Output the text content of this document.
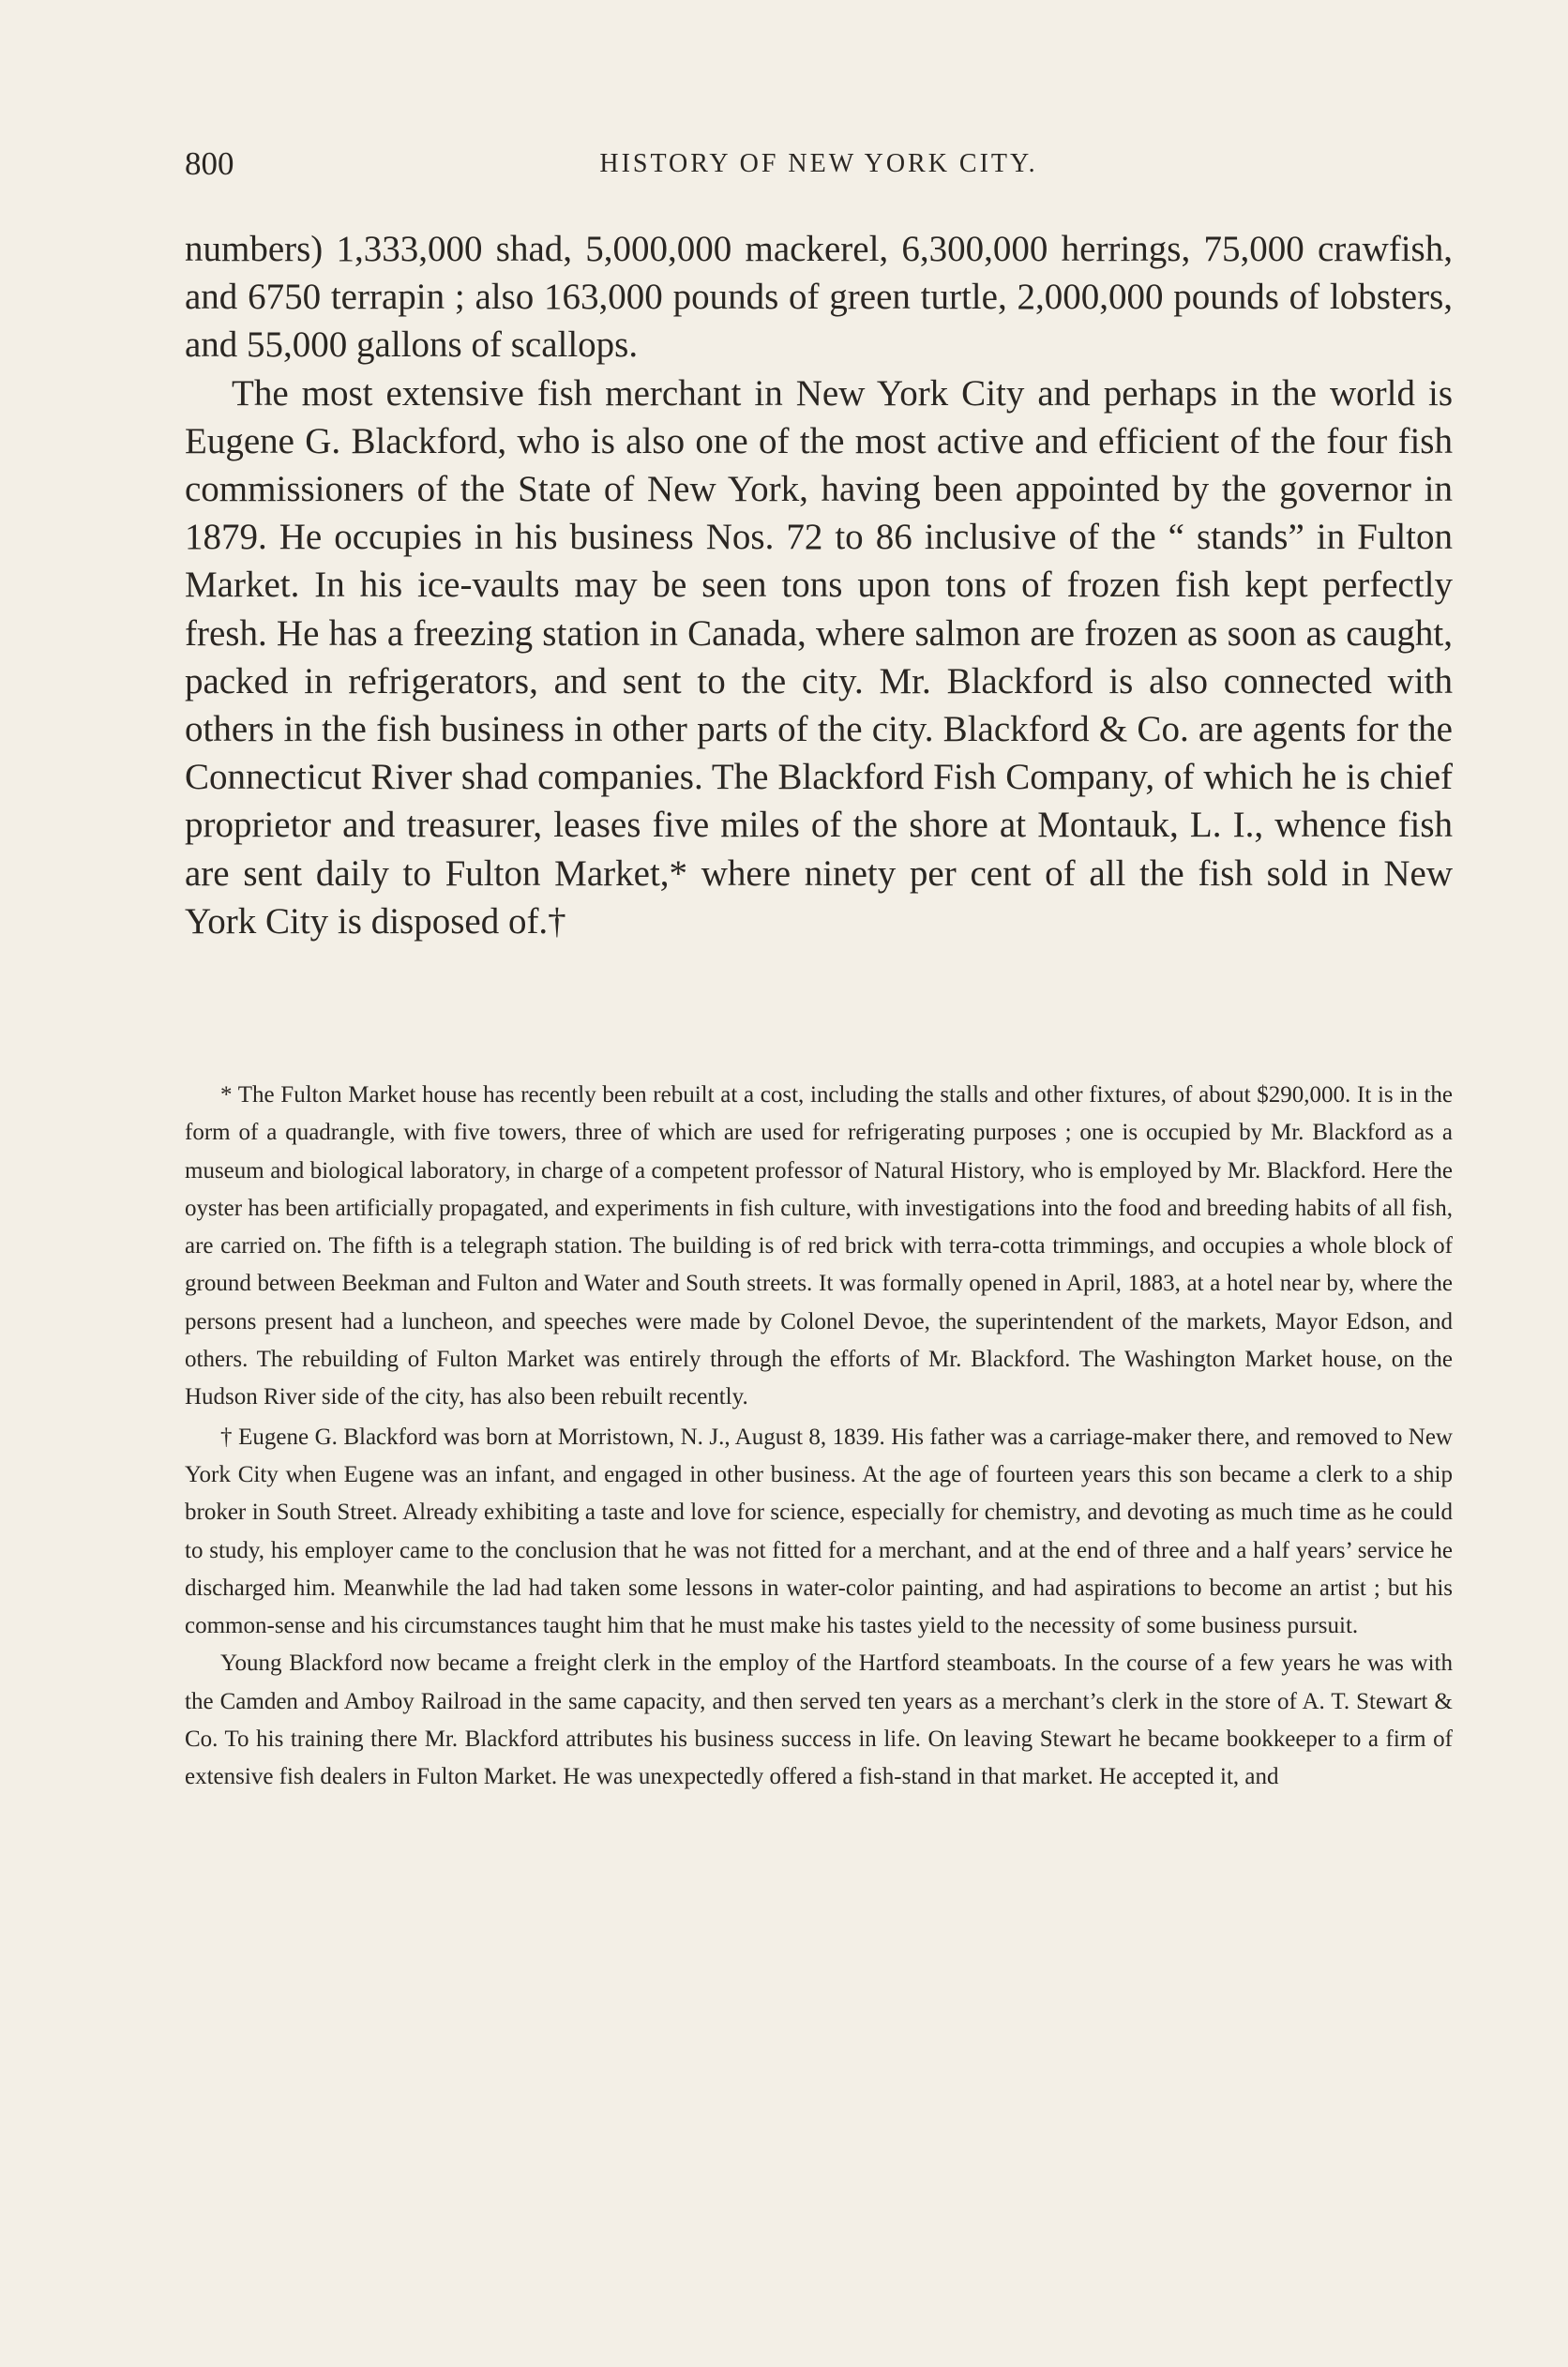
800	HISTORY OF NEW YORK CITY.

numbers) 1,333,000 shad, 5,000,000 mackerel, 6,300,000 herrings, 75,000 crawfish, and 6750 terrapin ; also 163,000 pounds of green turtle, 2,000,000 pounds of lobsters, and 55,000 gallons of scallops.

The most extensive fish merchant in New York City and perhaps in the world is Eugene G. Blackford, who is also one of the most active and efficient of the four fish commissioners of the State of New York, having been appointed by the governor in 1879. He occupies in his business Nos. 72 to 86 inclusive of the “ stands” in Fulton Market. In his ice-vaults may be seen tons upon tons of frozen fish kept perfectly fresh. He has a freezing station in Canada, where salmon are frozen as soon as caught, packed in refrigerators, and sent to the city. Mr. Blackford is also connected with others in the fish business in other parts of the city. Blackford & Co. are agents for the Connecticut River shad companies. The Blackford Fish Company, of which he is chief proprietor and treasurer, leases five miles of the shore at Montauk, L. I., whence fish are sent daily to Fulton Market,* where ninety per cent of all the fish sold in New York City is disposed of.†

* The Fulton Market house has recently been rebuilt at a cost, including the stalls and other fixtures, of about $290,000. It is in the form of a quadrangle, with five towers, three of which are used for refrigerating purposes ; one is occupied by Mr. Blackford as a museum and biological laboratory, in charge of a competent professor of Natural History, who is employed by Mr. Blackford. Here the oyster has been artificially propagated, and experiments in fish culture, with investigations into the food and breeding habits of all fish, are carried on. The fifth is a telegraph station. The building is of red brick with terra-cotta trimmings, and occupies a whole block of ground between Beekman and Fulton and Water and South streets. It was formally opened in April, 1883, at a hotel near by, where the persons present had a luncheon, and speeches were made by Colonel Devoe, the superintendent of the markets, Mayor Edson, and others. The rebuilding of Fulton Market was entirely through the efforts of Mr. Blackford. The Washington Market house, on the Hudson River side of the city, has also been rebuilt recently.

† Eugene G. Blackford was born at Morristown, N. J., August 8, 1839. His father was a carriage-maker there, and removed to New York City when Eugene was an infant, and engaged in other business. At the age of fourteen years this son became a clerk to a ship broker in South Street. Already exhibiting a taste and love for science, especially for chemistry, and devoting as much time as he could to study, his employer came to the conclusion that he was not fitted for a merchant, and at the end of three and a half years’ service he discharged him. Meanwhile the lad had taken some lessons in water-color painting, and had aspirations to become an artist ; but his common-sense and his circumstances taught him that he must make his tastes yield to the necessity of some business pursuit.

Young Blackford now became a freight clerk in the employ of the Hartford steamboats. In the course of a few years he was with the Camden and Amboy Railroad in the same capacity, and then served ten years as a merchant’s clerk in the store of A. T. Stewart & Co. To his training there Mr. Blackford attributes his business success in life. On leaving Stewart he became bookkeeper to a firm of extensive fish dealers in Fulton Market. He was unexpectedly offered a fish-stand in that market. He accepted it, and
